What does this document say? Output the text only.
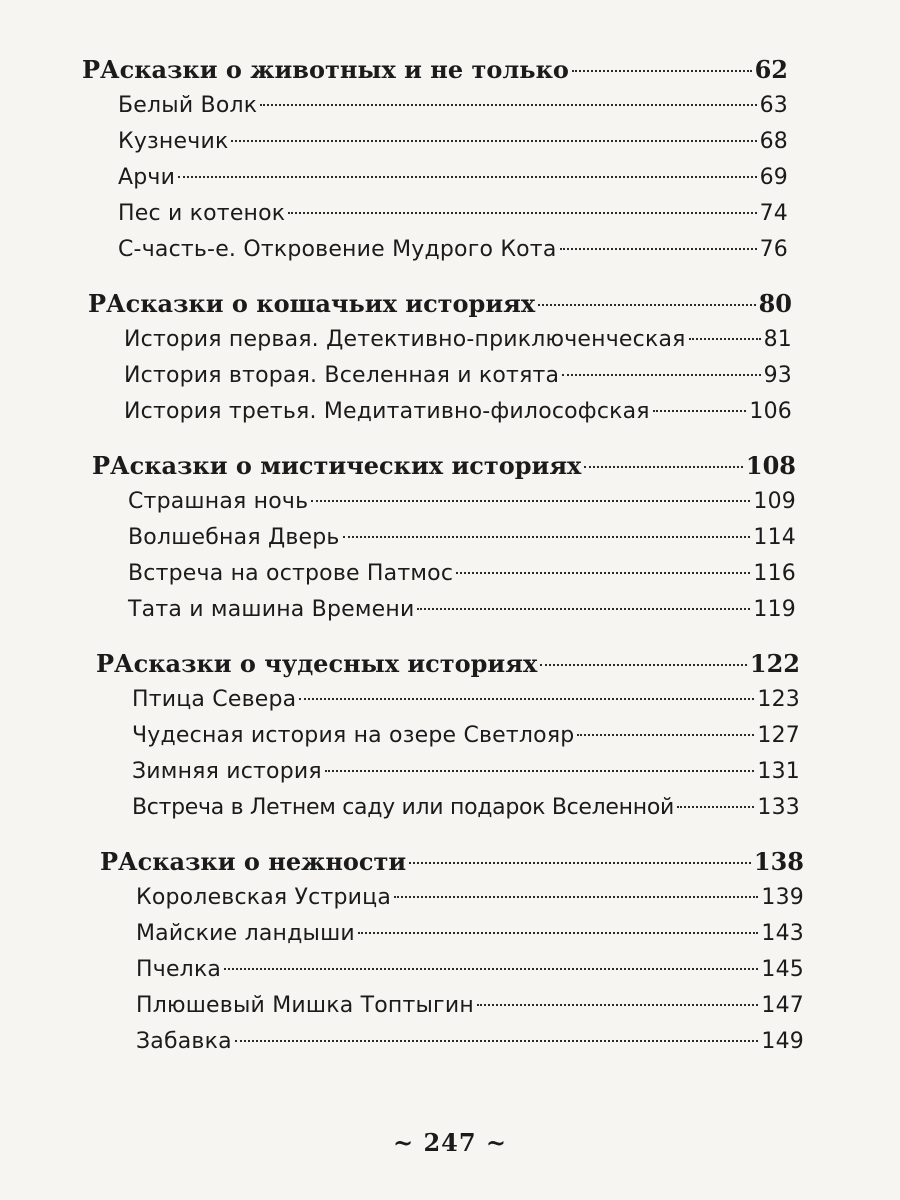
РАсказки о животных и не только	62
Белый Волк	63
Кузнечик	68
Арчи	69
Пес и котенок	74
С-часть-е. Откровение Мудрого Кота	76
РАсказки о кошачьих историях	80
История первая. Детективно-приключенческая	81
История вторая. Вселенная и котята	93
История третья. Медитативно-философская	106
РАсказки о мистических историях	108
Страшная ночь	109
Волшебная Дверь	114
Встреча на острове Патмос	116
Тата и машина Времени	119
РАсказки о чудесных историях	122
Птица Севера	123
Чудесная история на озере Светлояр	127
Зимняя история	131
Встреча в Летнем саду или подарок Вселенной	133
РАсказки о нежности	138
Королевская Устрица	139
Майские ландыши	143
Пчелка	145
Плюшевый Мишка Топтыгин	147
Забавка	149
~ 247 ~
